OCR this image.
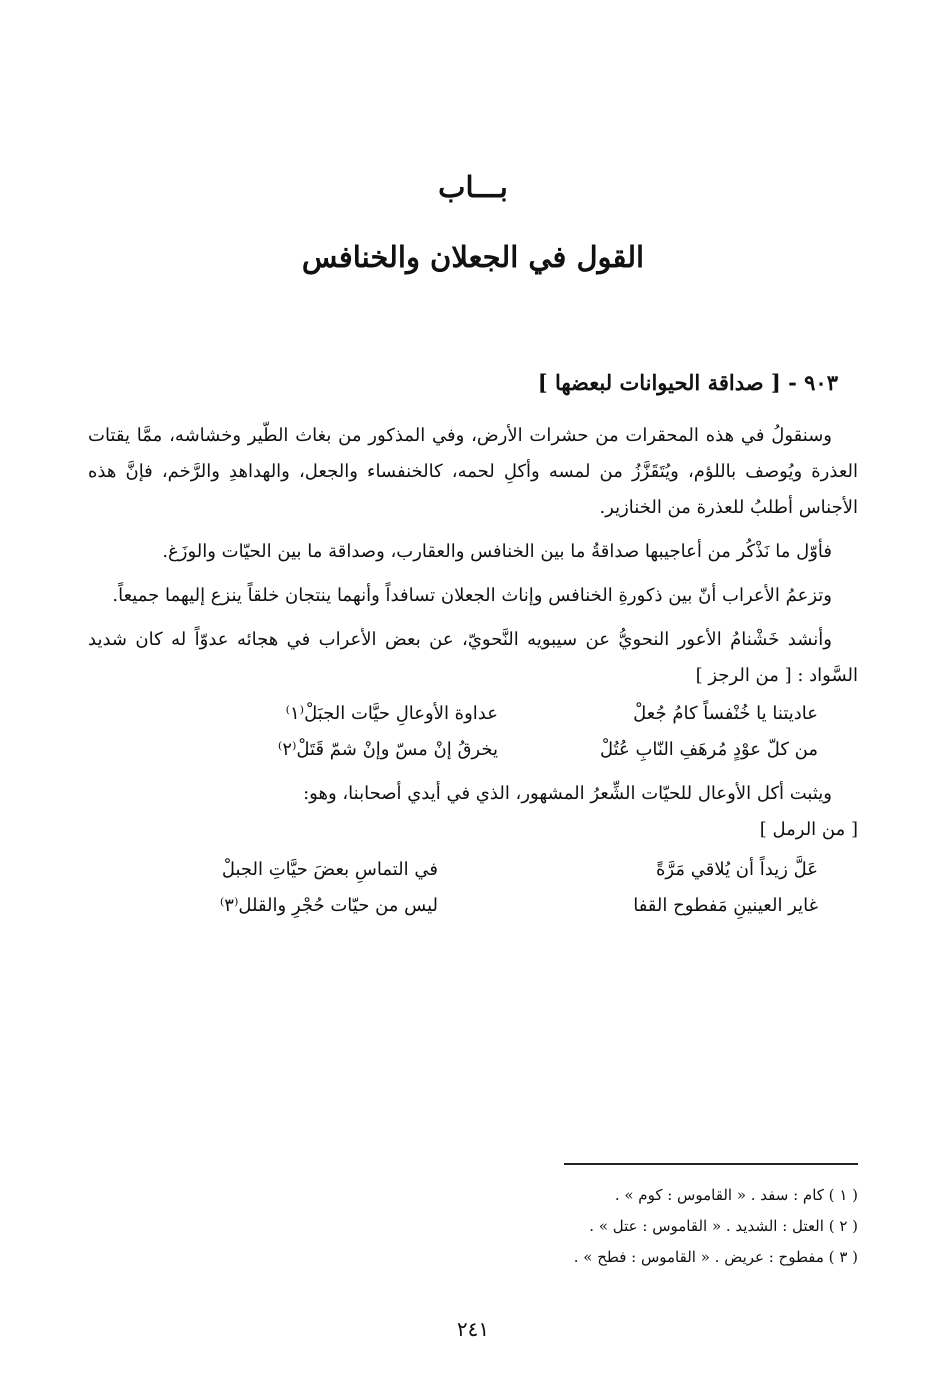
بـــاب
القول في الجعلان والخنافس
٩٠٣ - [ صداقة الحيوانات لبعضها ]

وسنقولُ في هذه المحقرات من حشرات الأرض، وفي المذكور من بغاث الطّير وخشاشه، ممَّا يقتات العذرة ويُوصف باللؤم، ويُتَقَزَّزُ من لمسه وأكلِ لحمه، كالخنفساء والجعل، والهداهدِ والرَّخم، فإنَّ هذه الأجناس أطلبُ للعذرة من الخنازير.

فأوّل ما نَذْكُر من أعاجيبها صداقةُ ما بين الخنافس والعقارب، وصداقة ما بين الحيّات والوزَغ.

وتزعمُ الأعراب أنّ بين ذكورةِ الخنافس وإناث الجعلان تسافداً وأنهما ينتجان خلقاً ينزع إليهما جميعاً.

وأنشد خَشْنامُ الأعور النحويُّ عن سيبويه النَّحويّ، عن بعض الأعراب في هجائه عدوّاً له كان شديد السَّواد : [ من الرجز ]

عاديتنا يا خُنْفساً كامُ جُعلْ
عداوة الأوعالِ حيَّات الجبَلْ⁽١⁾
من كلّ عوْدٍ مُرهَفِ النّابِ عُتُلْ
يخرقُ إنْ مسّ وإنْ شمّ قَتَلْ⁽٢⁾

ويثبت أكل الأوعال للحيّات الشِّعرُ المشهور، الذي في أيدي أصحابنا، وهو:

[ من الرمل ]
عَلَّ زيداً أن يُلاقي مَرَّةً
في التماسِ بعضَ حيَّاتِ الجبلْ
غاير العينينِ مَفطوح القفا
ليس من حيّات حُجْرِ والقلل⁽٣⁾
( ١ ) كام : سفد . « القاموس : كوم » .
( ٢ ) العتل : الشديد . « القاموس : عتل » .
( ٣ ) مفطوح : عريض . « القاموس : فطح » .
٢٤١
